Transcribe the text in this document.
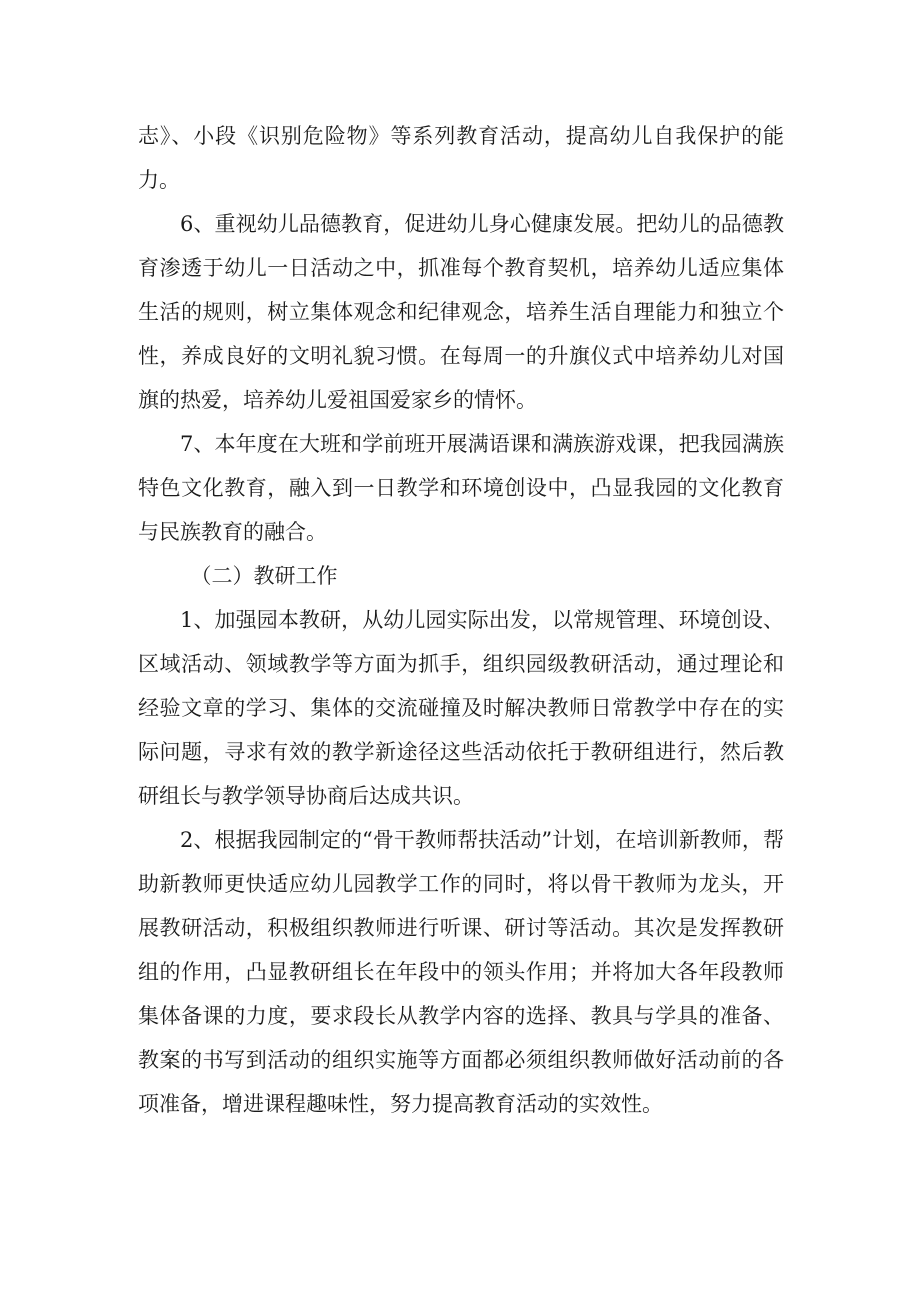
志》、小段《识别危险物》等系列教育活动，提高幼儿自我保护的能力。

6、重视幼儿品德教育，促进幼儿身心健康发展。把幼儿的品德教育渗透于幼儿一日活动之中，抓准每个教育契机，培养幼儿适应集体生活的规则，树立集体观念和纪律观念，培养生活自理能力和独立个性，养成良好的文明礼貌习惯。在每周一的升旗仪式中培养幼儿对国旗的热爱，培养幼儿爱祖国爱家乡的情怀。

7、本年度在大班和学前班开展满语课和满族游戏课，把我园满族特色文化教育，融入到一日教学和环境创设中，凸显我园的文化教育与民族教育的融合。

（二）教研工作

1、加强园本教研，从幼儿园实际出发，以常规管理、环境创设、区域活动、领域教学等方面为抓手，组织园级教研活动，通过理论和经验文章的学习、集体的交流碰撞及时解决教师日常教学中存在的实际问题，寻求有效的教学新途径这些活动依托于教研组进行，然后教研组长与教学领导协商后达成共识。

2、根据我园制定的“骨干教师帮扶活动”计划，在培训新教师，帮助新教师更快适应幼儿园教学工作的同时，将以骨干教师为龙头，开展教研活动，积极组织教师进行听课、研讨等活动。其次是发挥教研组的作用，凸显教研组长在年段中的领头作用；并将加大各年段教师集体备课的力度，要求段长从教学内容的选择、教具与学具的准备、教案的书写到活动的组织实施等方面都必须组织教师做好活动前的各项准备，增进课程趣味性，努力提高教育活动的实效性。
